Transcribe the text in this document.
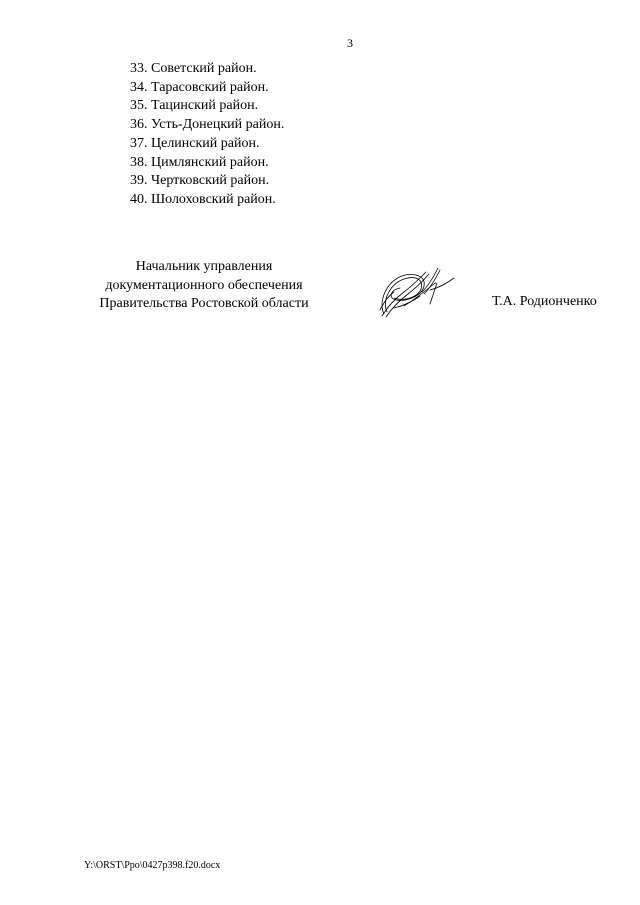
3
33. Советский район.
34. Тарасовский район.
35. Тацинский район.
36. Усть-Донецкий район.
37. Целинский район.
38. Цимлянский район.
39. Чертковский район.
40. Шолоховский район.
Начальник управления
документационного обеспечения
Правительства Ростовской области	Т.А. Родионченко
Y:\ORST\Ppo\0427p398.f20.docx
